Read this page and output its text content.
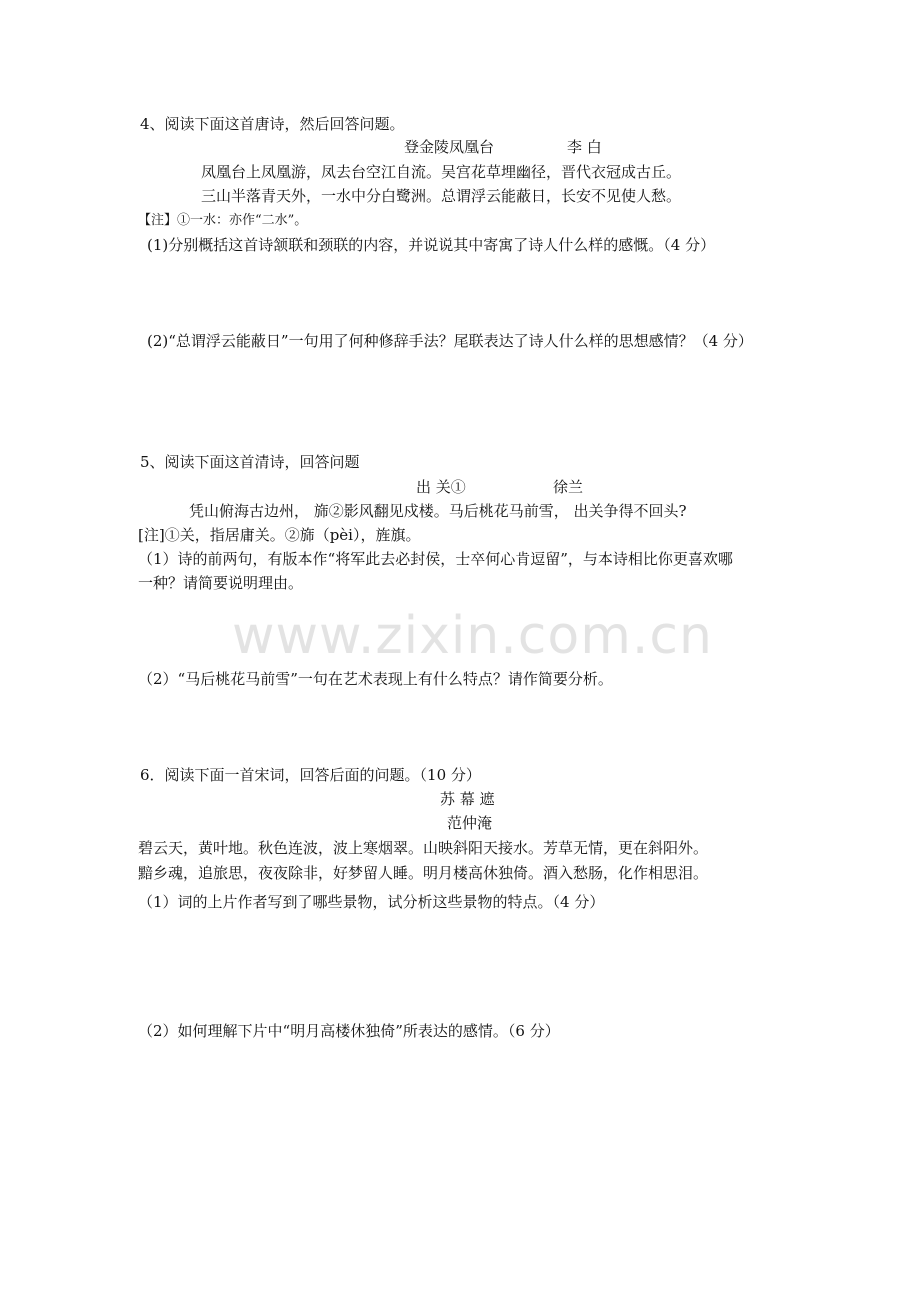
www.zixin.com.cn
4、阅读下面这首唐诗，然后回答问题。
登金陵凤凰台	李 白
凤凰台上凤凰游，凤去台空江自流。吴宫花草埋幽径，晋代衣冠成古丘。
三山半落青天外，一水中分白鹭洲。总谓浮云能蔽日，长安不见使人愁。
【注】①一水：亦作“二水”。
(1)分别概括这首诗颔联和颈联的内容，并说说其中寄寓了诗人什么样的感慨。（4 分）
(2)“总谓浮云能蔽日”一句用了何种修辞手法？尾联表达了诗人什么样的思想感情？（4 分）
5、阅读下面这首清诗，回答问题
出 关①	徐兰
凭山俯海古边州， 旆②影风翻见戍楼。马后桃花马前雪， 出关争得不回头?
[注]①关，指居庸关。②旆（pèi），旌旗。
（1）诗的前两句，有版本作“将军此去必封侯，士卒何心肯逗留”，与本诗相比你更喜欢哪
一种？请简要说明理由。
（2）“马后桃花马前雪”一句在艺术表现上有什么特点？请作简要分析。
6．阅读下面一首宋词，回答后面的问题。（10 分）
苏 幕 遮
范仲淹
碧云天，黄叶地。秋色连波，波上寒烟翠。山映斜阳天接水。芳草无情，更在斜阳外。
黯乡魂，追旅思，夜夜除非，好梦留人睡。明月楼高休独倚。酒入愁肠，化作相思泪。
（1）词的上片作者写到了哪些景物，试分析这些景物的特点。（4 分）
（2）如何理解下片中“明月高楼休独倚”所表达的感情。（6 分）
